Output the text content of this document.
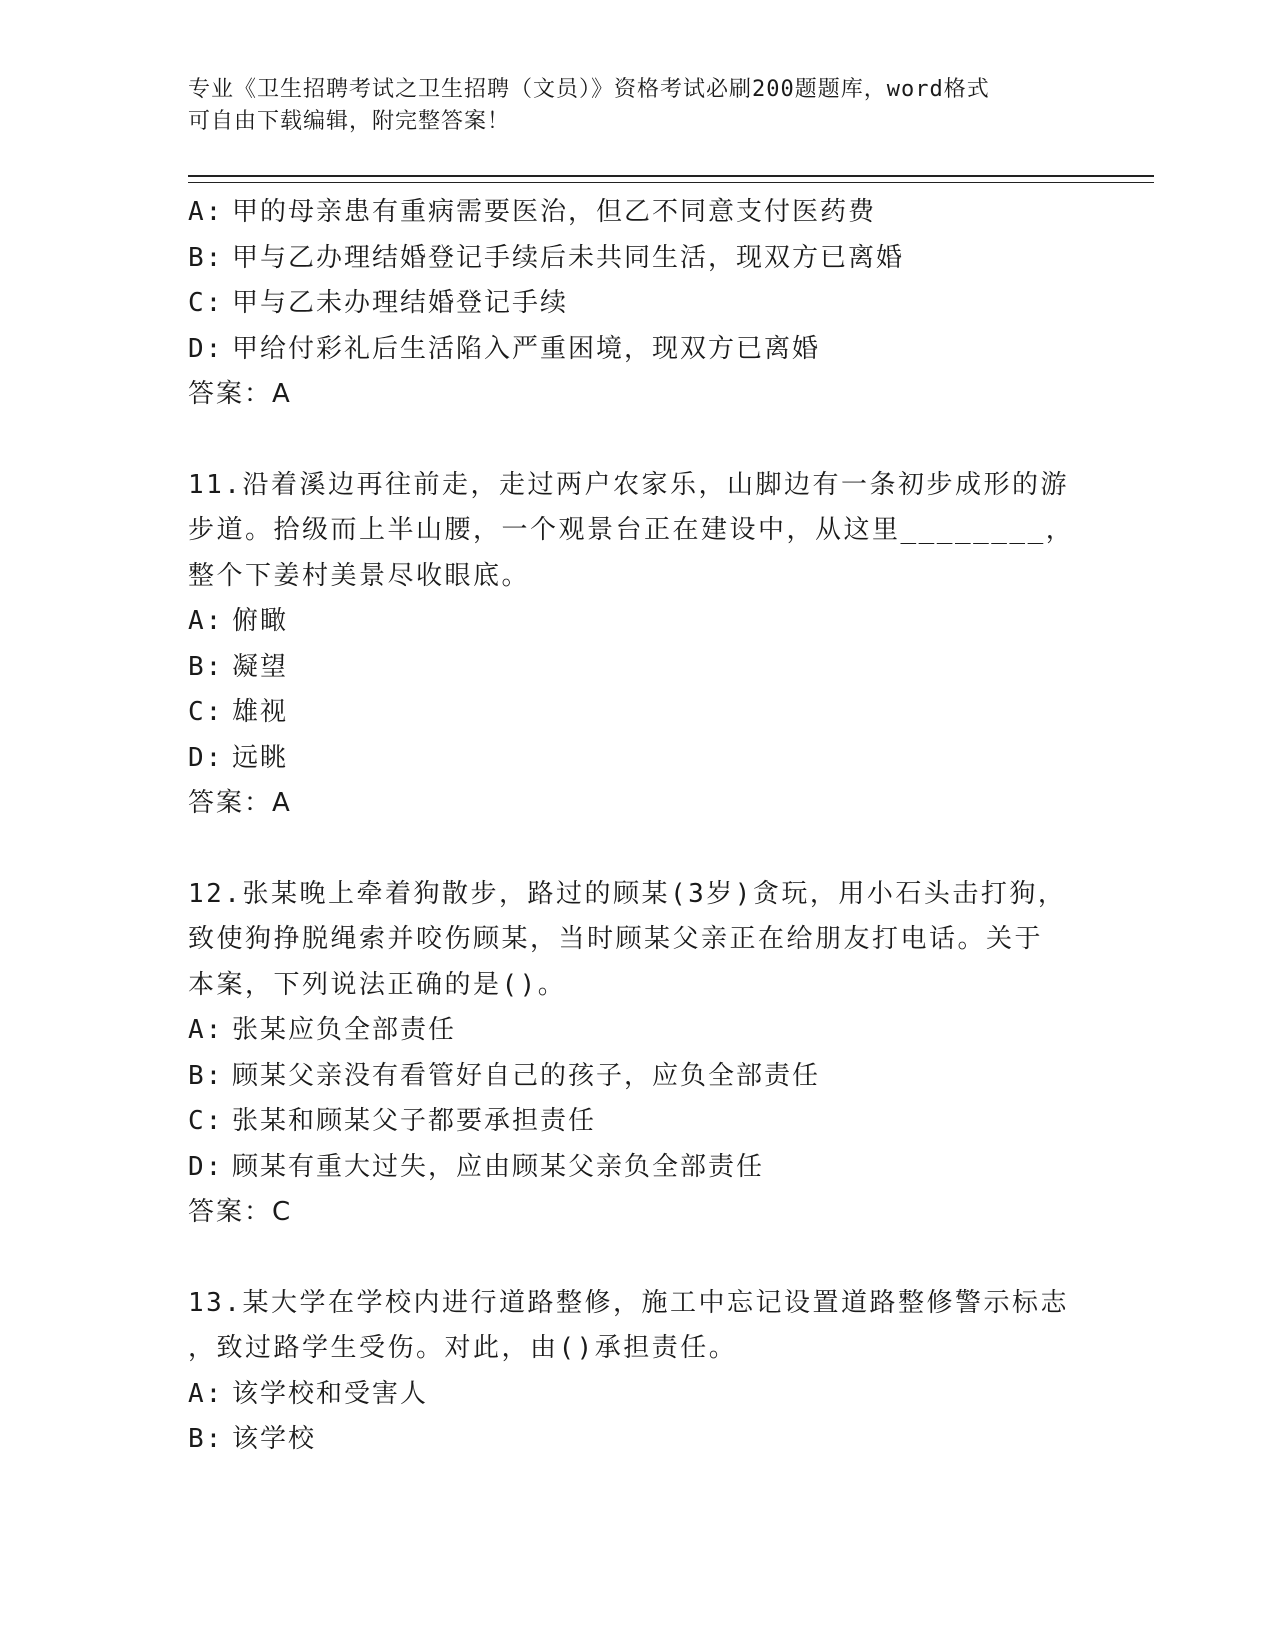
专业《卫生招聘考试之卫生招聘（文员）》资格考试必刷200题题库，word格式
可自由下载编辑，附完整答案！
A: 甲的母亲患有重病需要医治，但乙不同意支付医药费
B: 甲与乙办理结婚登记手续后未共同生活，现双方已离婚
C: 甲与乙未办理结婚登记手续
D: 甲给付彩礼后生活陷入严重困境，现双方已离婚
答案：A
11.沿着溪边再往前走，走过两户农家乐，山脚边有一条初步成形的游
步道。拾级而上半山腰，一个观景台正在建设中，从这里________，
整个下姜村美景尽收眼底。
A: 俯瞰
B: 凝望
C: 雄视
D: 远眺
答案：A
12.张某晚上牵着狗散步，路过的顾某(3岁)贪玩，用小石头击打狗，
致使狗挣脱绳索并咬伤顾某，当时顾某父亲正在给朋友打电话。关于
本案，下列说法正确的是()。
A: 张某应负全部责任
B: 顾某父亲没有看管好自己的孩子，应负全部责任
C: 张某和顾某父子都要承担责任
D: 顾某有重大过失，应由顾某父亲负全部责任
答案：C
13.某大学在学校内进行道路整修，施工中忘记设置道路整修警示标志
，致过路学生受伤。对此，由()承担责任。
A: 该学校和受害人
B: 该学校
